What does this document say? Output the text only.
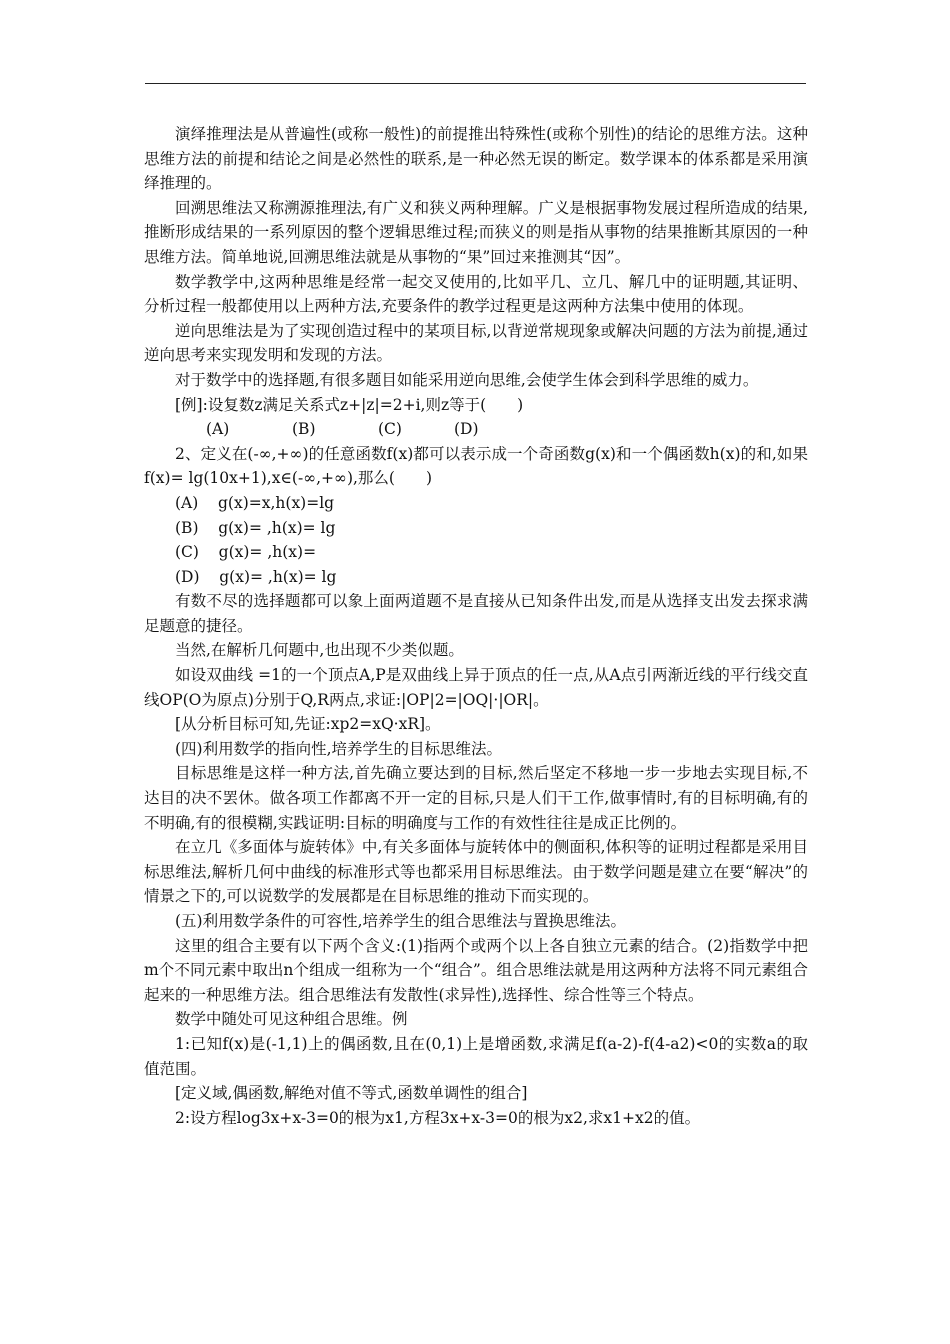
演绎推理法是从普遍性(或称一般性)的前提推出特殊性(或称个别性)的结论的思维方法。这种思维方法的前提和结论之间是必然性的联系,是一种必然无误的断定。数学课本的体系都是采用演绎推理的。

回溯思维法又称溯源推理法,有广义和狭义两种理解。广义是根据事物发展过程所造成的结果,推断形成结果的一系列原因的整个逻辑思维过程;而狭义的则是指从事物的结果推断其原因的一种思维方法。简单地说,回溯思维法就是从事物的“果”回过来推测其“因”。

数学教学中,这两种思维是经常一起交叉使用的,比如平几、立几、解几中的证明题,其证明、分析过程一般都使用以上两种方法,充要条件的教学过程更是这两种方法集中使用的体现。

逆向思维法是为了实现创造过程中的某项目标,以背逆常规现象或解决问题的方法为前提,通过逆向思考来实现发明和发现的方法。

对于数学中的选择题,有很多题目如能采用逆向思维,会使学生体会到科学思维的威力。

[例]:设复数z满足关系式z+|z|=2+i,则z等于(　　)

(A)	(B)	(C)	(D)

2、定义在(-∞,+∞)的任意函数f(x)都可以表示成一个奇函数g(x)和一个偶函数h(x)的和,如果f(x)= lg(10x+1),x∈(-∞,+∞),那么(　　)

(A)    g(x)=x,h(x)=lg

(B)    g(x)= ,h(x)= lg

(C)    g(x)= ,h(x)=

(D)    g(x)= ,h(x)= lg

有数不尽的选择题都可以象上面两道题不是直接从已知条件出发,而是从选择支出发去探求满足题意的捷径。

当然,在解析几何题中,也出现不少类似题。

如设双曲线 =1的一个顶点A,P是双曲线上异于顶点的任一点,从A点引两渐近线的平行线交直线OP(O为原点)分别于Q,R两点,求证:|OP|2=|OQ|·|OR|。

[从分析目标可知,先证:xp2=xQ·xR]。

(四)利用数学的指向性,培养学生的目标思维法。

目标思维是这样一种方法,首先确立要达到的目标,然后坚定不移地一步一步地去实现目标,不达目的决不罢休。做各项工作都离不开一定的目标,只是人们干工作,做事情时,有的目标明确,有的不明确,有的很模糊,实践证明:目标的明确度与工作的有效性往往是成正比例的。

在立几《多面体与旋转体》中,有关多面体与旋转体中的侧面积,体积等的证明过程都是采用目标思维法,解析几何中曲线的标准形式等也都采用目标思维法。由于数学问题是建立在要“解决”的情景之下的,可以说数学的发展都是在目标思维的推动下而实现的。

(五)利用数学条件的可容性,培养学生的组合思维法与置换思维法。

这里的组合主要有以下两个含义:(1)指两个或两个以上各自独立元素的结合。(2)指数学中把m个不同元素中取出n个组成一组称为一个“组合”。组合思维法就是用这两种方法将不同元素组合起来的一种思维方法。组合思维法有发散性(求异性),选择性、综合性等三个特点。

数学中随处可见这种组合思维。例

1:已知f(x)是(-1,1)上的偶函数,且在(0,1)上是增函数,求满足f(a-2)-f(4-a2)<0的实数a的取值范围。

[定义域,偶函数,解绝对值不等式,函数单调性的组合]

2:设方程log3x+x-3=0的根为x1,方程3x+x-3=0的根为x2,求x1+x2的值。
